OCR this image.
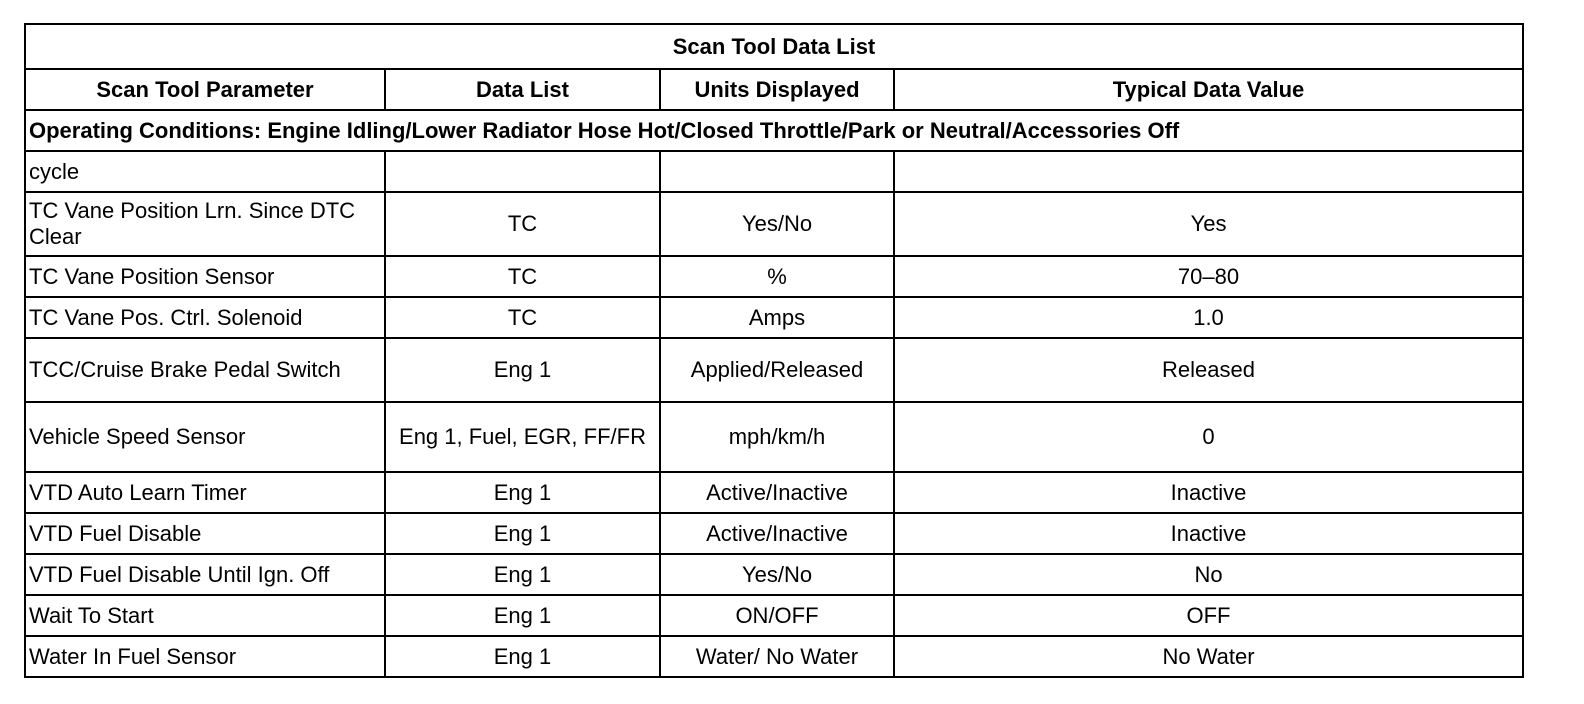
Scan Tool Data List			
Scan Tool Parameter	Data List	Units Displayed	Typical Data Value
Operating Conditions: Engine Idling/Lower Radiator Hose Hot/Closed Throttle/Park or Neutral/Accessories Off			
cycle			
TC Vane Position Lrn. Since DTC Clear	TC	Yes/No	Yes
TC Vane Position Sensor	TC	%	70–80
TC Vane Pos. Ctrl. Solenoid	TC	Amps	1.0
TCC/Cruise Brake Pedal Switch	Eng 1	Applied/Released	Released
Vehicle Speed Sensor	Eng 1, Fuel, EGR, FF/FR	mph/km/h	0
VTD Auto Learn Timer	Eng 1	Active/Inactive	Inactive
VTD Fuel Disable	Eng 1	Active/Inactive	Inactive
VTD Fuel Disable Until Ign. Off	Eng 1	Yes/No	No
Wait To Start	Eng 1	ON/OFF	OFF
Water In Fuel Sensor	Eng 1	Water/ No Water	No Water
